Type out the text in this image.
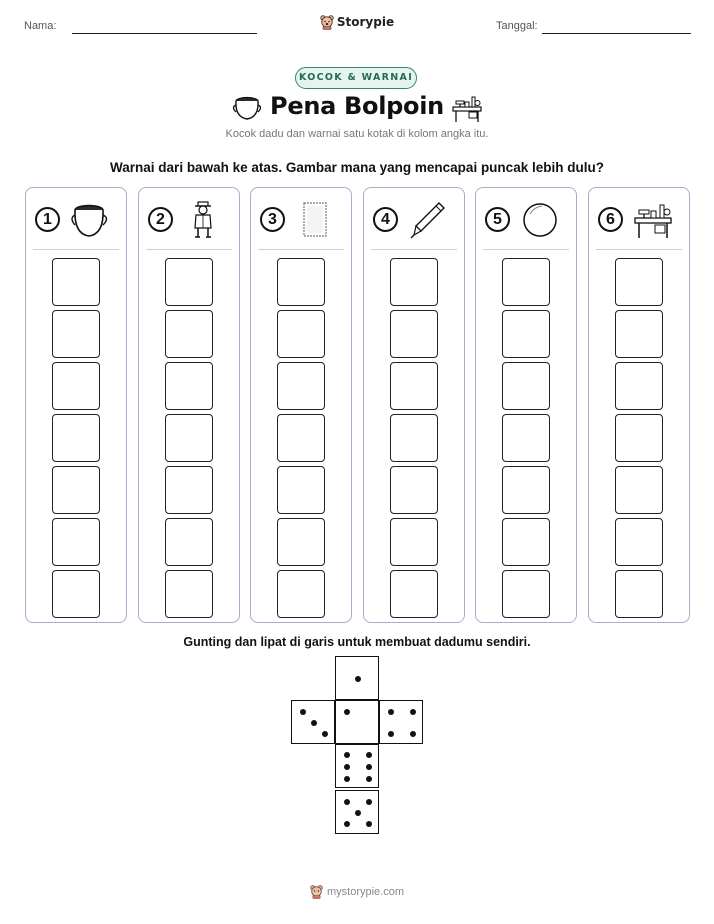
Nama:	Storypie	Tanggal:
KOCOK & WARNAI
Pena Bolpoin
Kocok dadu dan warnai satu kotak di kolom angka itu.
Warnai dari bawah ke atas. Gambar mana yang mencapai puncak lebih dulu?
1	2	3	4	5	6
Gunting dan lipat di garis untuk membuat dadumu sendiri.
mystorypie.com
